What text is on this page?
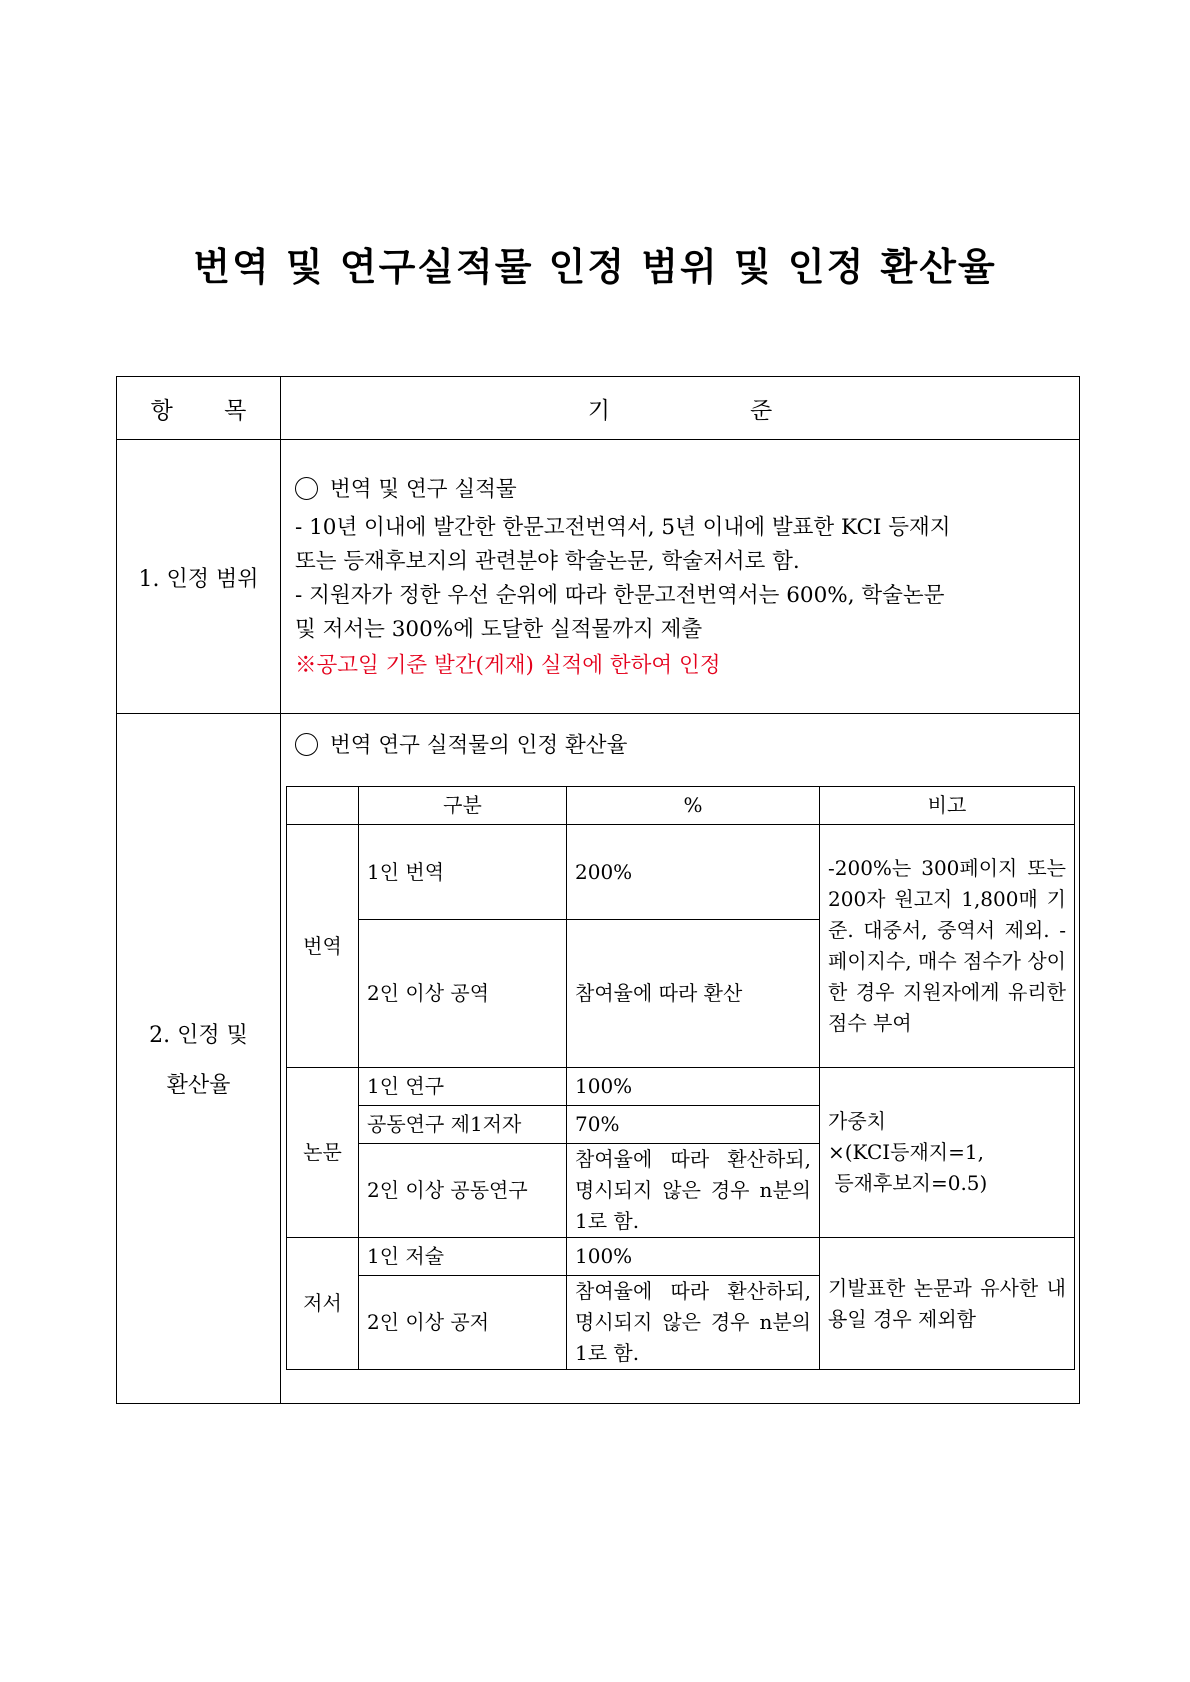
번역 및 연구실적물 인정 범위 및 인정 환산율
항 목	기	준
1. 인정 범위

번역 및 연구 실적물

- 10년 이내에 발간한 한문고전번역서, 5년 이내에 발표한 KCI 등재지

또는 등재후보지의 관련분야 학술논문, 학술저서로 함.

- 지원자가 정한 우선 순위에 따라 한문고전번역서는 600%, 학술논문

및 저서는 300%에 도달한 실적물까지 제출

※공고일 기준 발간(게재) 실적에 한하여 인정

2. 인정 및
환산율
번역 연구 실적물의 인정 환산율
	구분	%	비고
번역	1인 번역	200%	-200%는 300페이지 또는 200자 원고지 1,800매 기준. 대중서, 중역서 제외. -페이지수, 매수 점수가 상이한 경우 지원자에게 유리한 점수 부여
	2인 이상 공역	참여율에 따라 환산	
논문	1인 연구	100%	가중치
×(KCI등재지=1,
등재후보지=0.5)

	공동연구 제1저자	70%	
	2인 이상 공동연구	참여율에 따라 환산하되, 명시되지 않은 경우 n분의 1로 함.	
저서	1인 저술	100%	기발표한 논문과 유사한 내용일 경우 제외함
	2인 이상 공저	참여율에 따라 환산하되, 명시되지 않은 경우 n분의 1로 함.	
